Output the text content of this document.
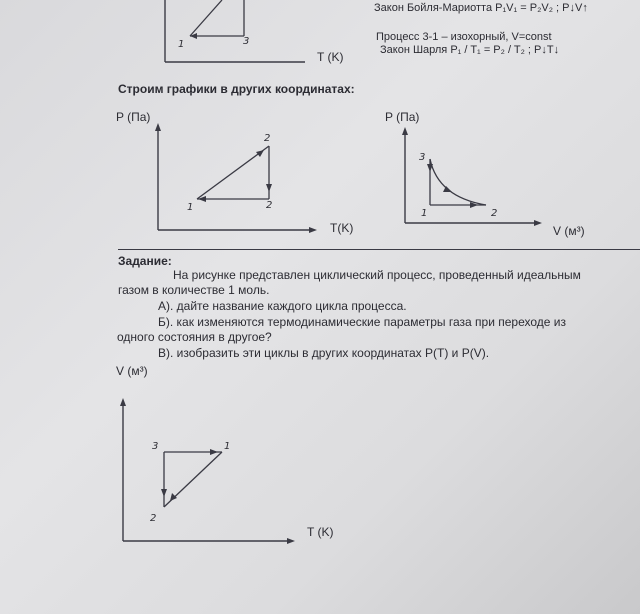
1	3
T (K)
Закон Бойля-Мариотта P₁V₁ = P₂V₂ ; P↓V↑
Процесс 3-1 – изохорный, V=const
Закон Шарля P₁ / T₁ = P₂ / T₂ ; P↓T↓
Строим графики в других координатах:
P (Па)
1	2
2
T(K)
P (Па)
3
1	2
V (м³)
Задание:
На рисунке представлен циклический процесс, проведенный идеальным
газом в количестве 1 моль.
А). дайте название каждого цикла процесса.
Б). как изменяются термодинамические параметры газа при переходе из
одного состояния в другое?
В). изобразить эти циклы в других координатах P(T) и P(V).
V (м³)
3	1
2
T (K)
